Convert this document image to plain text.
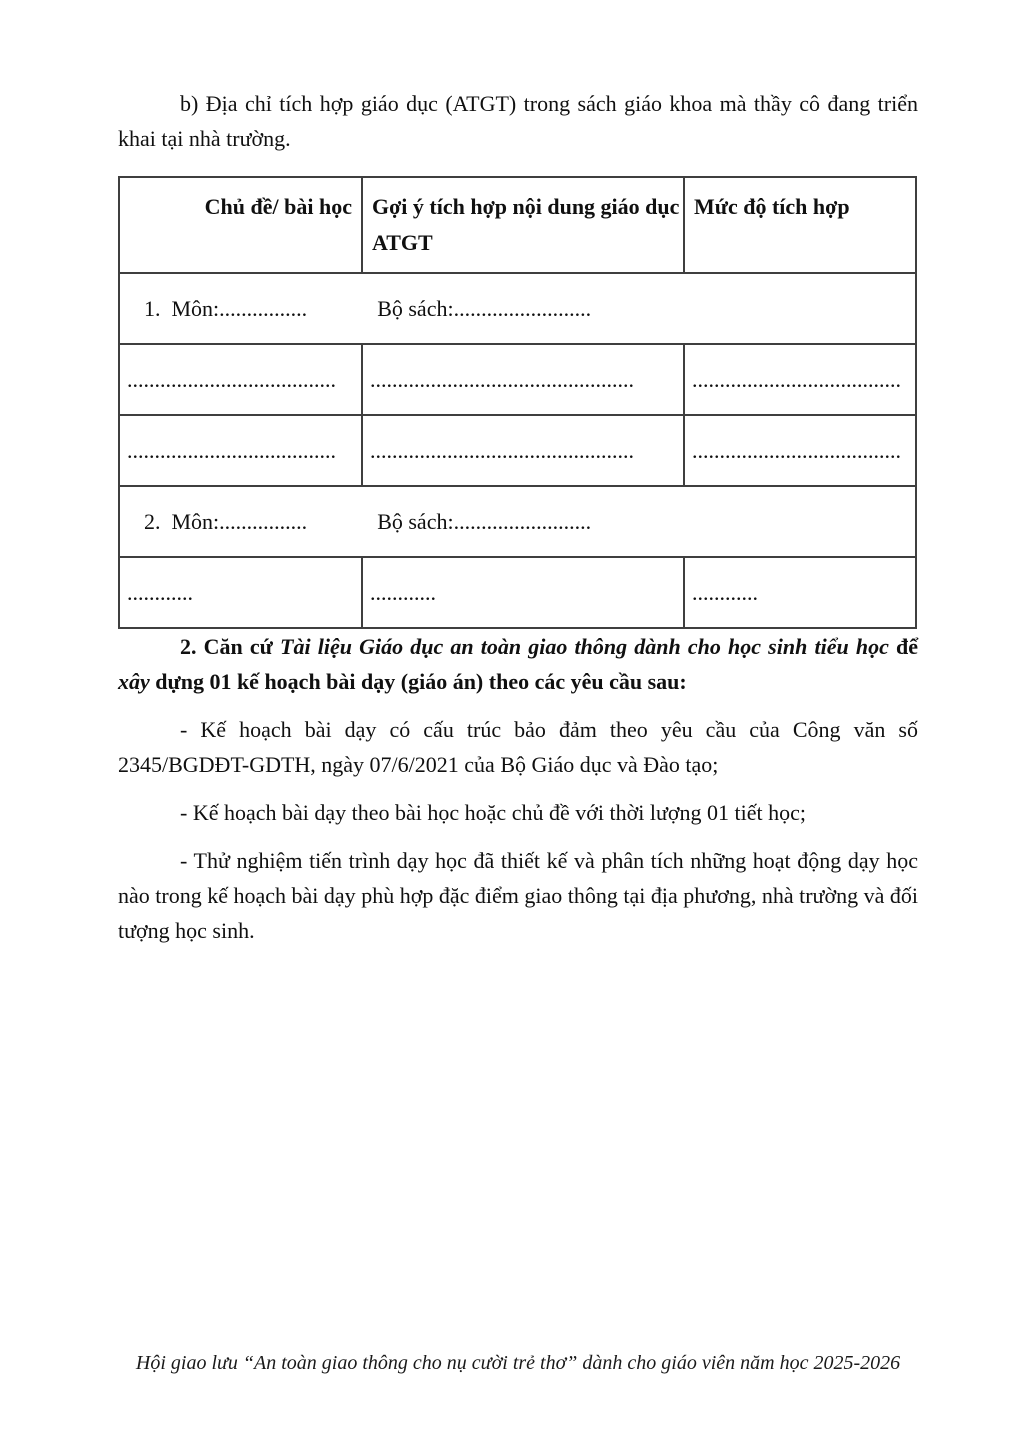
b) Địa chỉ tích hợp giáo dục (ATGT) trong sách giáo khoa mà thầy cô đang triển khai tại nhà trường.

Chủ đề/ bài học	Gợi ý tích hợp nội dung giáo dục ATGT	Mức độ tích hợp
1.  Môn:................ Bộ sách:.........................		
......................................	................................................	......................................
......................................	................................................	......................................
2.  Môn:................ Bộ sách:.........................		
............	............	............

2. Căn cứ Tài liệu Giáo dục an toàn giao thông dành cho học sinh tiểu học để xây dựng 01 kế hoạch bài dạy (giáo án) theo các yêu cầu sau:

- Kế hoạch bài dạy có cấu trúc bảo đảm theo yêu cầu của Công văn số 2345/BGDĐT-GDTH, ngày 07/6/2021 của Bộ Giáo dục và Đào tạo;

- Kế hoạch bài dạy theo bài học hoặc chủ đề với thời lượng 01 tiết học;

- Thử nghiệm tiến trình dạy học đã thiết kế và phân tích những hoạt động dạy học nào trong kế hoạch bài dạy phù hợp đặc điểm giao thông tại địa phương, nhà trường và đối tượng học sinh.

Hội giao lưu “An toàn giao thông cho nụ cười trẻ thơ” dành cho giáo viên năm học 2025-2026
